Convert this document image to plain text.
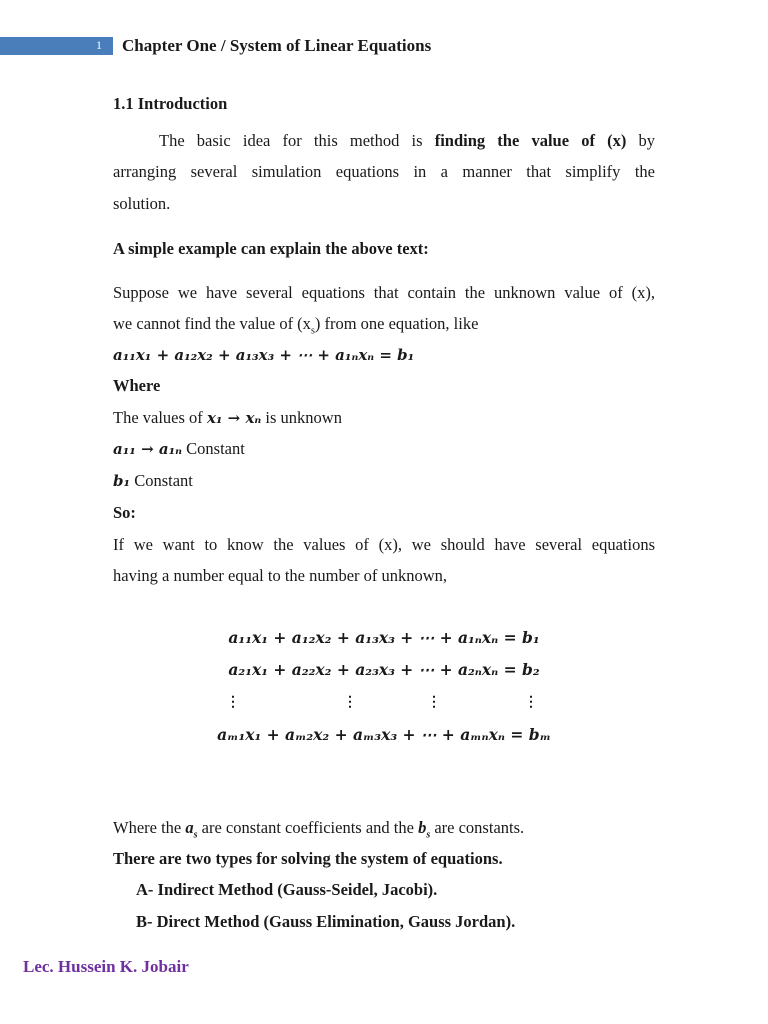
1 Chapter One / System of Linear Equations
1.1 Introduction
The basic idea for this method is finding the value of (x) by
arranging several simulation equations in a manner that simplify the
solution.
A simple example can explain the above text:
Suppose we have several equations that contain the unknown value of (x),
we cannot find the value of $(x_s)$ from one equation, like
a₁₁x₁ + a₁₂x₂ + a₁₃x₃ + ⋯ + a₁ₙxₙ = b₁
Where
The values of x₁ → xₙ is unknown
a₁₁ → a₁ₙ Constant
b₁ Constant
So:
If we want to know the values of (x), we should have several equations
having a number equal to the number of unknown,
a₁₁x₁ + a₁₂x₂ + a₁₃x₃ + ⋯ + a₁ₙxₙ = b₁
a₂₁x₁ + a₂₂x₂ + a₂₃x₃ + ⋯ + a₂ₙxₙ = b₂
⋮	⋮	⋮	⋮
aₘ₁x₁ + aₘ₂x₂ + aₘ₃x₃ + ⋯ + aₘₙxₙ = bₘ
Where the $a_s$ are constant coefficients and the $b_s$ are constants.
There are two types for solving the system of equations.
A- Indirect Method (Gauss-Seidel, Jacobi).
B- Direct Method (Gauss Elimination, Gauss Jordan).
Lec. Hussein K. Jobair
